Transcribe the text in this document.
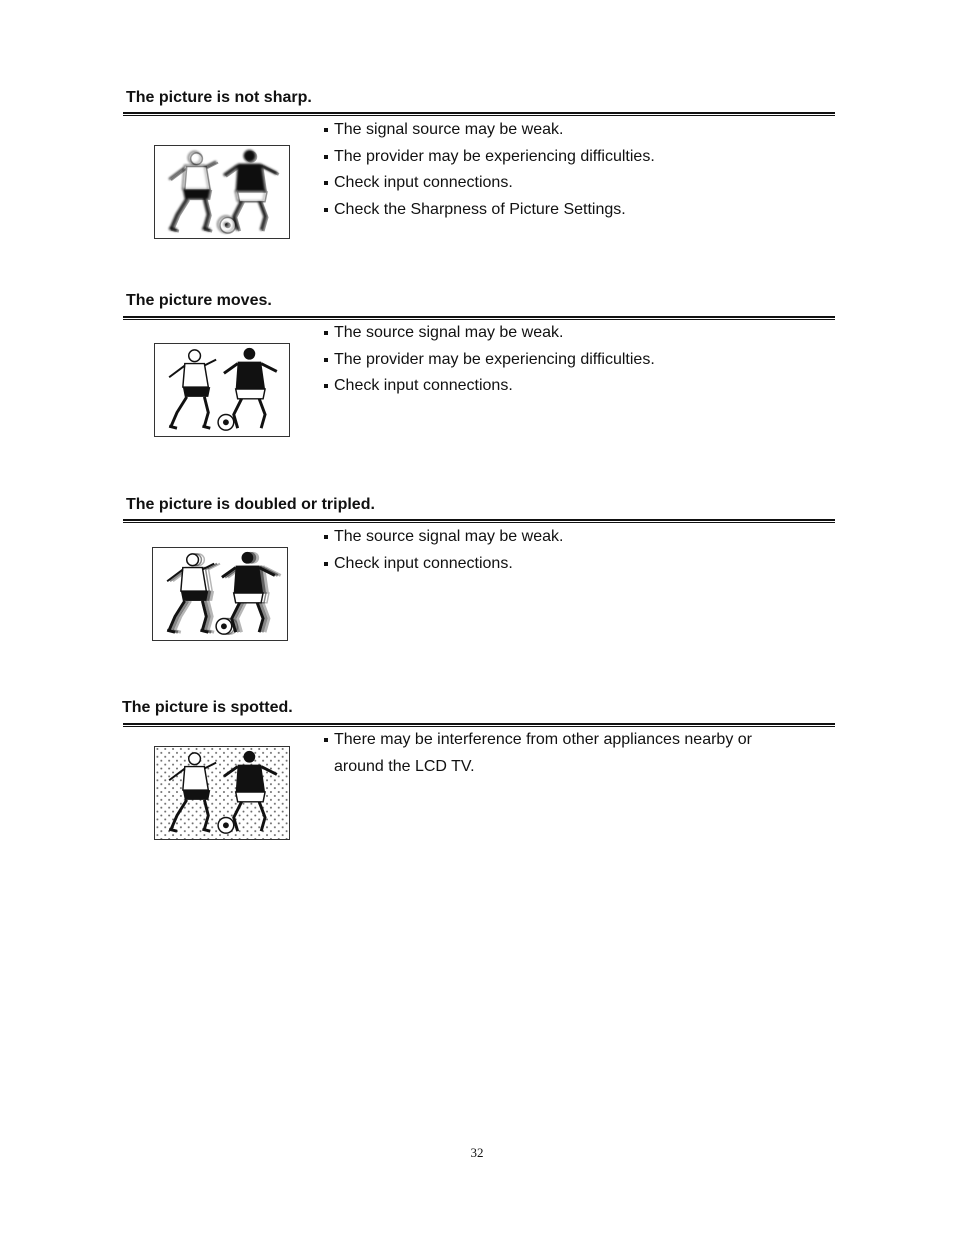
The picture is not sharp.
The signal source may be weak.
The provider may be experiencing difficulties.
Check input connections.
Check the Sharpness of Picture Settings.
The picture moves.
The source signal may be weak.
The provider may be experiencing difficulties.
Check input connections.
The picture is doubled or tripled.
The source signal may be weak.
Check input connections.
The picture is spotted.
There may be interference from other appliances nearby or around the LCD TV.
32
